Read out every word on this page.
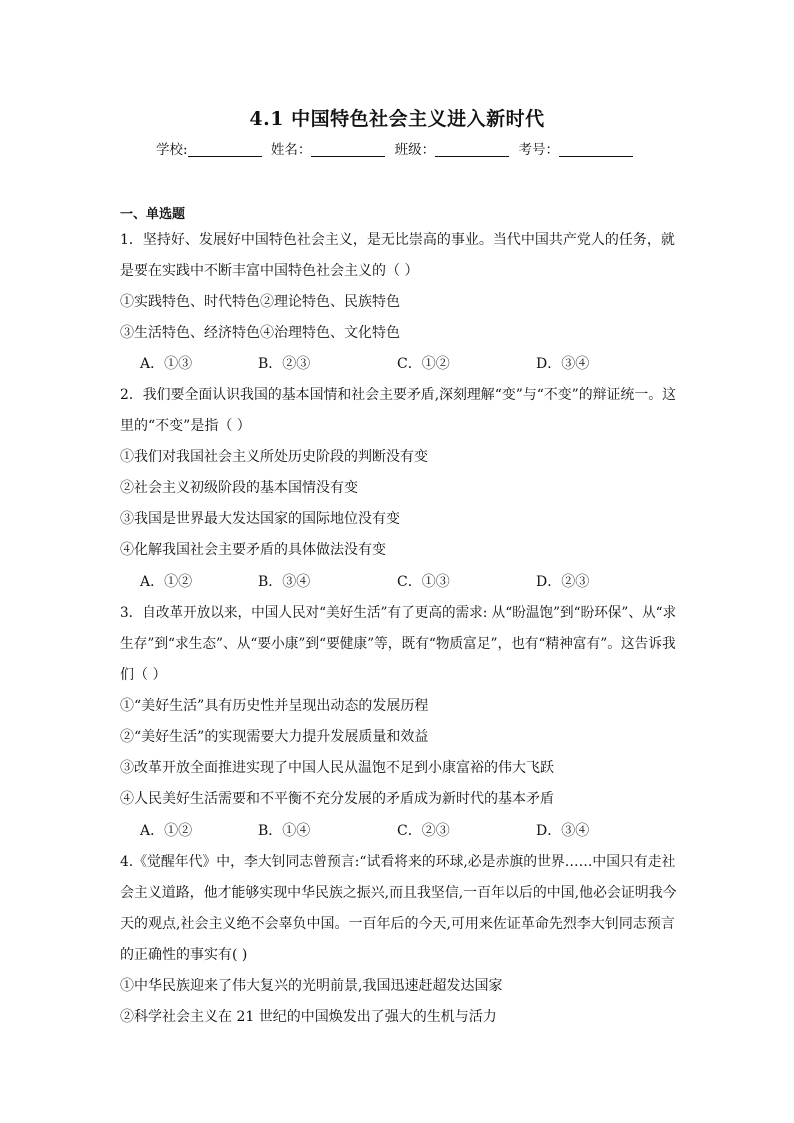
4.1 中国特色社会主义进入新时代
学校:	姓名：	班级：	考号：
一、单选题
1．坚持好、发展好中国特色社会主义，是无比崇高的事业。当代中国共产党人的任务，就
是要在实践中不断丰富中国特色社会主义的（ ）
①实践特色、时代特色②理论特色、民族特色
③生活特色、经济特色④治理特色、文化特色
A．①③	B．②③	C．①②	D．③④
2．我们要全面认识我国的基本国情和社会主要矛盾,深刻理解“变”与“不变”的辩证统一。这
里的“不变”是指（ ）
①我们对我国社会主义所处历史阶段的判断没有变
②社会主义初级阶段的基本国情没有变
③我国是世界最大发达国家的国际地位没有变
④化解我国社会主要矛盾的具体做法没有变
A．①②	B．③④	C．①③	D．②③
3．自改革开放以来，中国人民对“美好生活”有了更高的需求: 从“盼温饱”到“盼环保”、从“求
生存”到“求生态”、从“要小康”到“要健康”等，既有“物质富足”，也有“精神富有”。这告诉我
们（ ）
①“美好生活”具有历史性并呈现出动态的发展历程
②“美好生活”的实现需要大力提升发展质量和效益
③改革开放全面推进实现了中国人民从温饱不足到小康富裕的伟大飞跃
④人民美好生活需要和不平衡不充分发展的矛盾成为新时代的基本矛盾
A．①②	B．①④	C．②③	D．③④
4.《觉醒年代》中，李大钊同志曾预言:“试看将来的环球,必是赤旗的世界……中国只有走社
会主义道路，他才能够实现中华民族之振兴,而且我坚信,一百年以后的中国,他必会证明我今
天的观点,社会主义绝不会辜负中国。一百年后的今天,可用来佐证革命先烈李大钊同志预言
的正确性的事实有( )
①中华民族迎来了伟大复兴的光明前景,我国迅速赶超发达国家
②科学社会主义在 21 世纪的中国焕发出了强大的生机与活力
